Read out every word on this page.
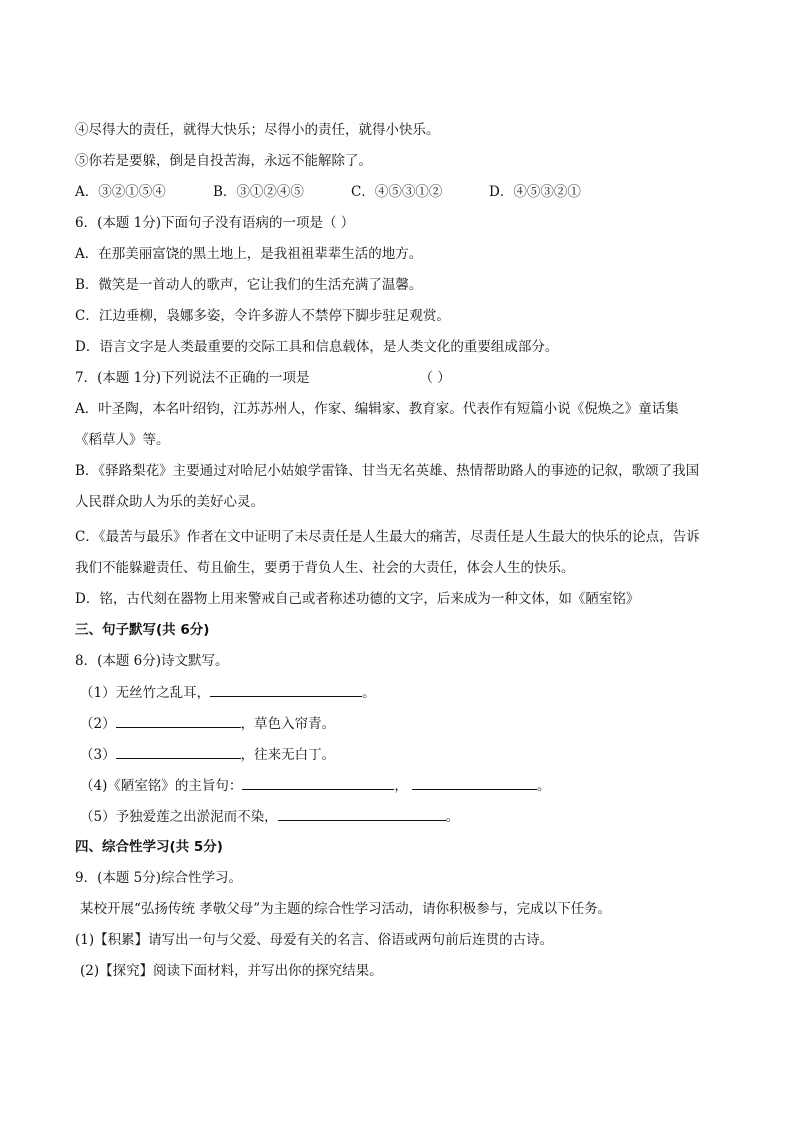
④尽得大的责任，就得大快乐；尽得小的责任，就得小快乐。
⑤你若是要躲，倒是自投苦海，永远不能解除了。
A．③②①⑤④	B．③①②④⑤	C．④⑤③①②	D．④⑤③②①
6．(本题 1分)下面句子没有语病的一项是（ ）
A．在那美丽富饶的黑土地上，是我祖祖辈辈生活的地方。
B．微笑是一首动人的歌声，它让我们的生活充满了温馨。
C．江边垂柳，袅娜多姿，令许多游人不禁停下脚步驻足观赏。
D．语言文字是人类最重要的交际工具和信息载体，是人类文化的重要组成部分。
7．(本题 1分)下列说法不正确的一项是	（ ）
A．叶圣陶，本名叶绍钧，江苏苏州人，作家、编辑家、教育家。代表作有短篇小说《倪焕之》童话集
《稻草人》等。
B．《驿路梨花》主要通过对哈尼小姑娘学雷锋、甘当无名英雄、热情帮助路人的事迹的记叙，歌颂了我国
人民群众助人为乐的美好心灵。
C．《最苦与最乐》作者在文中证明了未尽责任是人生最大的痛苦，尽责任是人生最大的快乐的论点，告诉
我们不能躲避责任、苟且偷生，要勇于背负人生、社会的大责任，体会人生的快乐。
D．铭，古代刻在器物上用来警戒自己或者称述功德的文字，后来成为一种文体，如《陋室铭》
三、句子默写(共 6分)
8．(本题 6分)诗文默写。
（1）无丝竹之乱耳，	。
（2）	，草色入帘青。
（3）	，往来无白丁。
（4)《陋室铭》的主旨句：	，	。
（5）予独爱莲之出淤泥而不染，	。
四、综合性学习(共 5分)
9．(本题 5分)综合性学习。
某校开展“弘扬传统 孝敬父母”为主题的综合性学习活动，请你积极参与，完成以下任务。
(1)【积累】请写出一句与父爱、母爱有关的名言、俗语或两句前后连贯的古诗。
(2)【探究】阅读下面材料，并写出你的探究结果。
